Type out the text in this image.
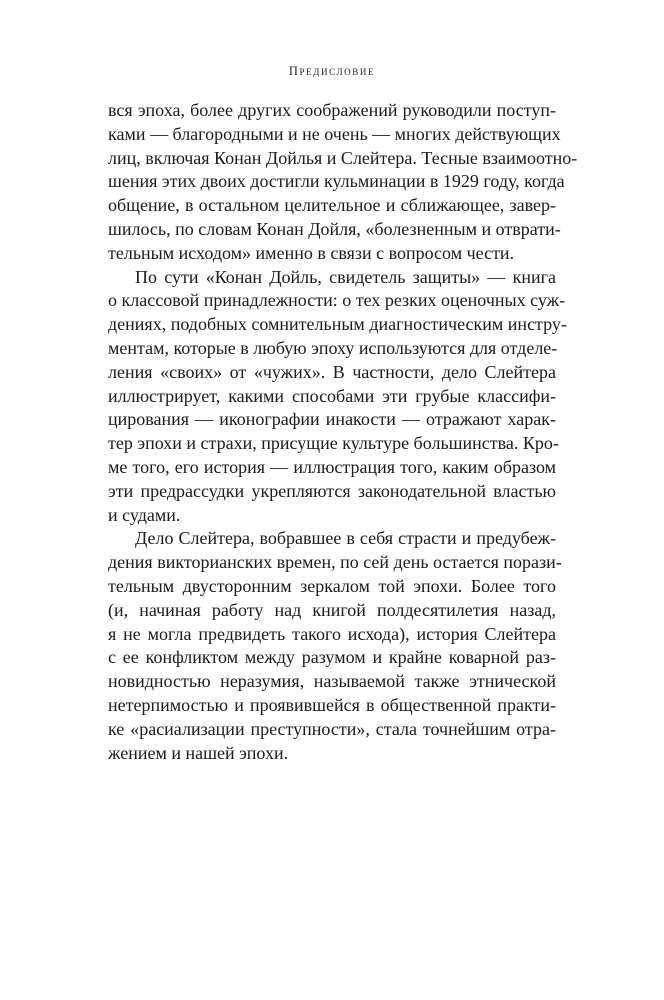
Предисловие
вся эпоха, более других соображений руководили поступ-
ками — благородными и не очень — многих действующих
лиц, включая Конан Дойлья и Слейтера. Тесные взаимоотно-
шения этих двоих достигли кульминации в 1929 году, когда
общение, в остальном целительное и сближающее, завер-
шилось, по словам Конан Дойля, «болезненным и отврати-
тельным исходом» именно в связи с вопросом чести.
По сути «Конан Дойль, свидетель защиты» — книга
о классовой принадлежности: о тех резких оценочных суж-
дениях, подобных сомнительным диагностическим инстру-
ментам, которые в любую эпоху используются для отделе-
ления «своих» от «чужих». В частности, дело Слейтера
иллюстрирует, какими способами эти грубые классифи-
цирования — иконографии инакости — отражают харак-
тер эпохи и страхи, присущие культуре большинства. Кро-
ме того, его история — иллюстрация того, каким образом
эти предрассудки укрепляются законодательной властью
и судами.
Дело Слейтера, вобравшее в себя страсти и предубеж-
дения викторианских времен, по сей день остается порази-
тельным двусторонним зеркалом той эпохи. Более того
(и, начиная работу над книгой полдесятилетия назад,
я не могла предвидеть такого исхода), история Слейтера
с ее конфликтом между разумом и крайне коварной раз-
новидностью неразумия, называемой также этнической
нетерпимостью и проявившейся в общественной практи-
ке «расиализации преступности», стала точнейшим отра-
жением и нашей эпохи.
